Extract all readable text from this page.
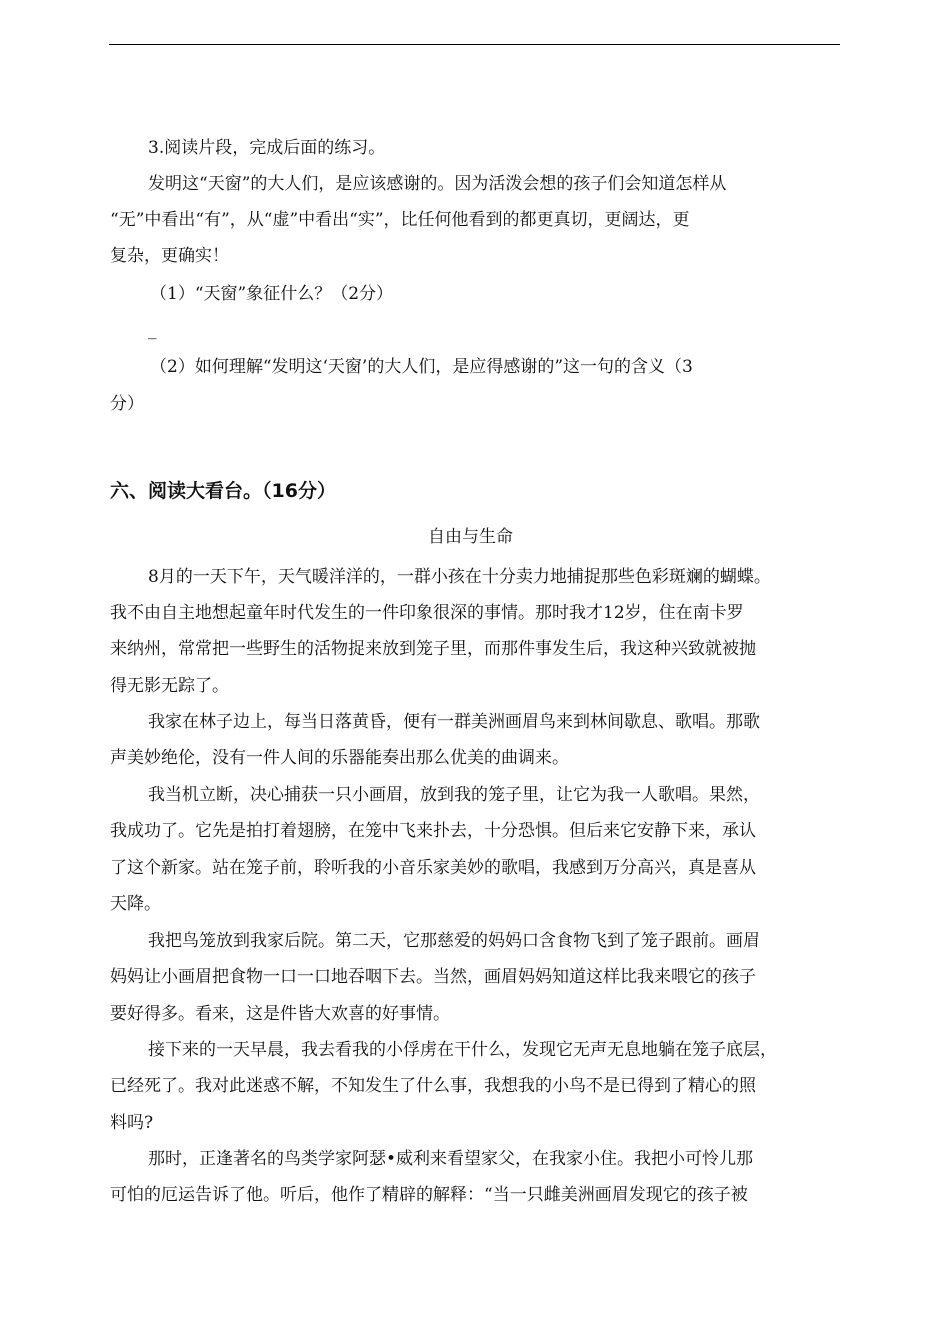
3.阅读片段，完成后面的练习。
发明这“天窗”的大人们，是应该感谢的。因为活泼会想的孩子们会知道怎样从
“无”中看出“有”，从“虚”中看出“实”，比任何他看到的都更真切，更阔达，更
复杂，更确实！
（1）“天窗”象征什么？（2分）
_
（2）如何理解“发明这‘天窗’的大人们，是应得感谢的”这一句的含义（3
分）
六、阅读大看台。（16分）
自由与生命
8月的一天下午，天气暖洋洋的，一群小孩在十分卖力地捕捉那些色彩斑斓的蝴蝶。
我不由自主地想起童年时代发生的一件印象很深的事情。那时我才12岁，住在南卡罗
来纳州，常常把一些野生的活物捉来放到笼子里，而那件事发生后，我这种兴致就被抛
得无影无踪了。
我家在林子边上，每当日落黄昏，便有一群美洲画眉鸟来到林间歇息、歌唱。那歌
声美妙绝伦，没有一件人间的乐器能奏出那么优美的曲调来。
我当机立断，决心捕获一只小画眉，放到我的笼子里，让它为我一人歌唱。果然，
我成功了。它先是拍打着翅膀，在笼中飞来扑去，十分恐惧。但后来它安静下来，承认
了这个新家。站在笼子前，聆听我的小音乐家美妙的歌唱，我感到万分高兴，真是喜从
天降。
我把鸟笼放到我家后院。第二天，它那慈爱的妈妈口含食物飞到了笼子跟前。画眉
妈妈让小画眉把食物一口一口地吞咽下去。当然，画眉妈妈知道这样比我来喂它的孩子
要好得多。看来，这是件皆大欢喜的好事情。
接下来的一天早晨，我去看我的小俘虏在干什么，发现它无声无息地躺在笼子底层，
已经死了。我对此迷惑不解，不知发生了什么事，我想我的小鸟不是已得到了精心的照
料吗?
那时，正逢著名的鸟类学家阿瑟•威利来看望家父，在我家小住。我把小可怜儿那
可怕的厄运告诉了他。听后，他作了精辟的解释：“当一只雌美洲画眉发现它的孩子被
